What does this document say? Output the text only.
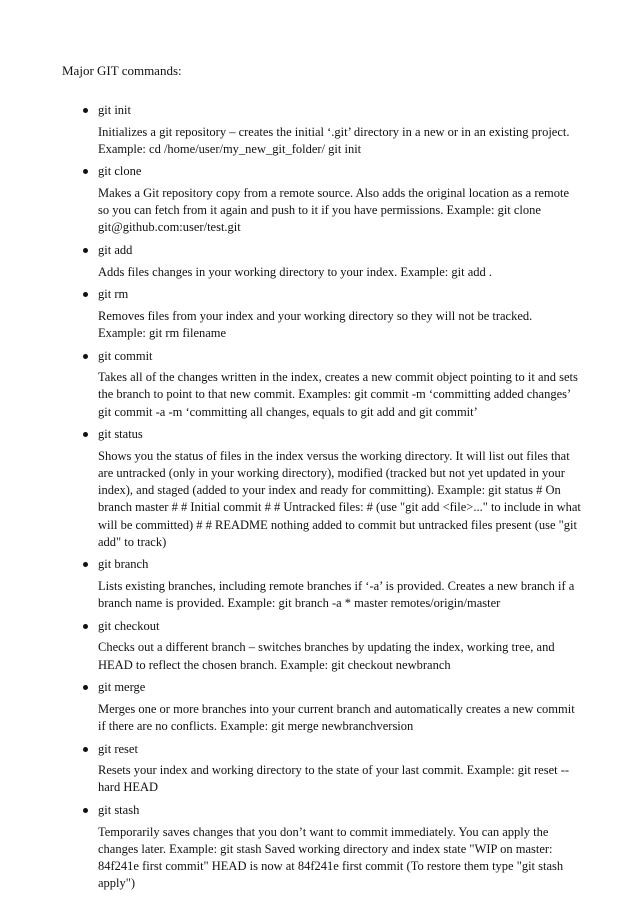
Major GIT commands:
git init
Initializes a git repository – creates the initial ‘.git’ directory in a new or in an existing project. Example: cd /home/user/my_new_git_folder/ git init
git clone
Makes a Git repository copy from a remote source. Also adds the original location as a remote so you can fetch from it again and push to it if you have permissions. Example: git clone git@github.com:user/test.git
git add
Adds files changes in your working directory to your index. Example: git add .
git rm
Removes files from your index and your working directory so they will not be tracked. Example: git rm filename
git commit
Takes all of the changes written in the index, creates a new commit object pointing to it and sets the branch to point to that new commit. Examples: git commit -m ‘committing added changes’ git commit -a -m ‘committing all changes, equals to git add and git commit’
git status
Shows you the status of files in the index versus the working directory. It will list out files that are untracked (only in your working directory), modified (tracked but not yet updated in your index), and staged (added to your index and ready for committing). Example: git status # On branch master # # Initial commit # # Untracked files: # (use "git add <file>..." to include in what will be committed) # # README nothing added to commit but untracked files present (use "git add" to track)
git branch
Lists existing branches, including remote branches if ‘-a’ is provided. Creates a new branch if a branch name is provided. Example: git branch -a * master remotes/origin/master
git checkout
Checks out a different branch – switches branches by updating the index, working tree, and HEAD to reflect the chosen branch. Example: git checkout newbranch
git merge
Merges one or more branches into your current branch and automatically creates a new commit if there are no conflicts. Example: git merge newbranchversion
git reset
Resets your index and working directory to the state of your last commit. Example: git reset --hard HEAD
git stash
Temporarily saves changes that you don’t want to commit immediately. You can apply the changes later. Example: git stash Saved working directory and index state "WIP on master: 84f241e first commit" HEAD is now at 84f241e first commit (To restore them type "git stash apply")
